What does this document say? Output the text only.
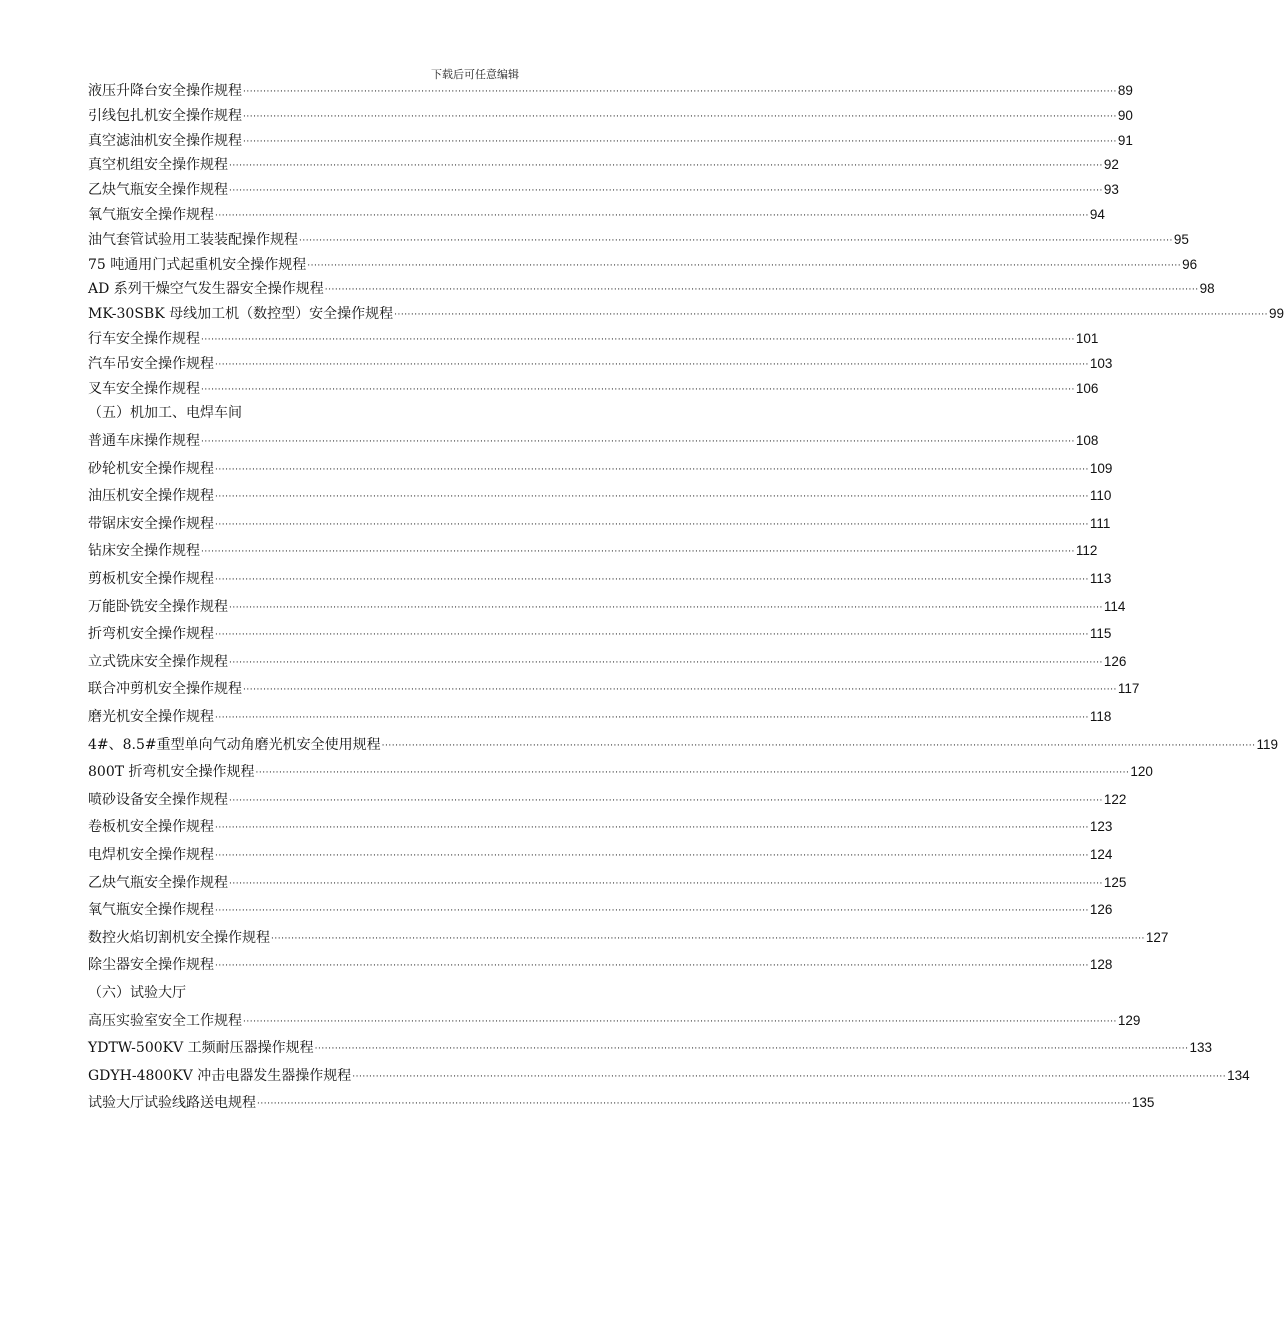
下载后可任意编辑
液压升降台安全操作规程 ···································································································································································································································································· 89
引线包扎机安全操作规程 ···································································································································································································································································· 90
真空滤油机安全操作规程 ···································································································································································································································································· 91
真空机组安全操作规程 ···································································································································································································································································· 92
乙炔气瓶安全操作规程 ···································································································································································································································································· 93
氧气瓶安全操作规程 ···································································································································································································································································· 94
油气套管试验用工装装配操作规程 ···································································································································································································································································· 95
75 吨通用门式起重机安全操作规程 ···································································································································································································································································· 96
AD 系列干燥空气发生器安全操作规程 ···································································································································································································································································· 98
MK-30SBK 母线加工机（数控型）安全操作规程 ···································································································································································································································································· 99
行车安全操作规程 ···································································································································································································································································· 101
汽车吊安全操作规程 ···································································································································································································································································· 103
叉车安全操作规程 ···································································································································································································································································· 106
（五）机加工、电焊车间
普通车床操作规程 ···································································································································································································································································· 108
砂轮机安全操作规程 ···································································································································································································································································· 109
油压机安全操作规程 ···································································································································································································································································· 110
带锯床安全操作规程 ···································································································································································································································································· 111
钻床安全操作规程 ···································································································································································································································································· 112
剪板机安全操作规程 ···································································································································································································································································· 113
万能卧铣安全操作规程 ···································································································································································································································································· 114
折弯机安全操作规程 ···································································································································································································································································· 115
立式铣床安全操作规程 ···································································································································································································································································· 126
联合冲剪机安全操作规程 ···································································································································································································································································· 117
磨光机安全操作规程 ···································································································································································································································································· 118
4#、8.5#重型单向气动角磨光机安全使用规程 ···································································································································································································································································· 119
800T 折弯机安全操作规程 ···································································································································································································································································· 120
喷砂设备安全操作规程 ···································································································································································································································································· 122
卷板机安全操作规程 ···································································································································································································································································· 123
电焊机安全操作规程 ···································································································································································································································································· 124
乙炔气瓶安全操作规程 ···································································································································································································································································· 125
氧气瓶安全操作规程 ···································································································································································································································································· 126
数控火焰切割机安全操作规程 ···································································································································································································································································· 127
除尘器安全操作规程 ···································································································································································································································································· 128
（六）试验大厅
高压实验室安全工作规程 ···································································································································································································································································· 129
YDTW-500KV 工频耐压器操作规程 ···································································································································································································································································· 133
GDYH-4800KV 冲击电器发生器操作规程 ···································································································································································································································································· 134
试验大厅试验线路送电规程 ···································································································································································································································································· 135
